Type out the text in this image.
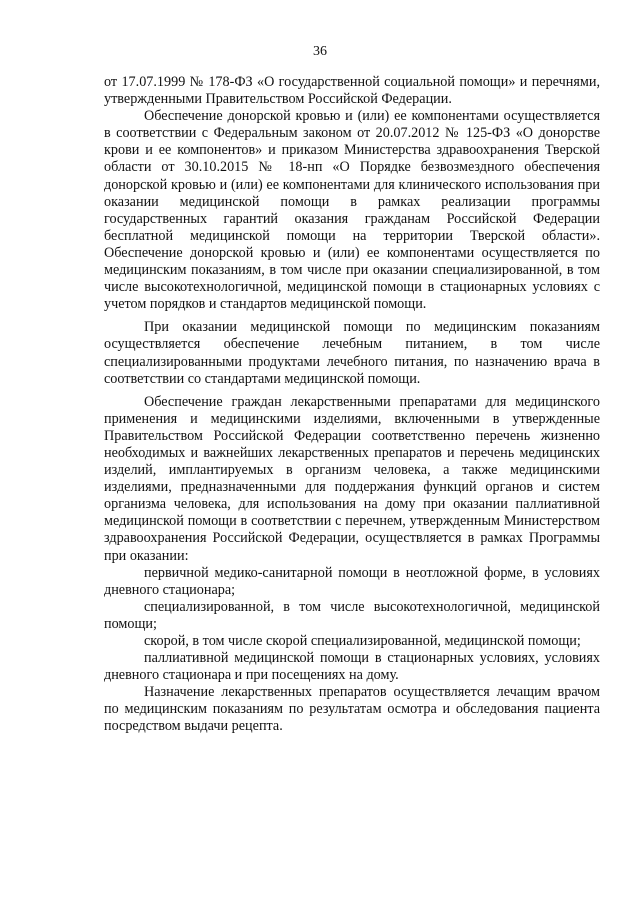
36

от 17.07.1999 № 178-ФЗ «О государственной социальной помощи» и перечнями, утвержденными Правительством Российской Федерации.

Обеспечение донорской кровью и (или) ее компонентами осуществляется в соответствии с Федеральным законом от 20.07.2012 № 125-ФЗ «О донорстве крови и ее компонентов» и приказом Министерства здравоохранения Тверской области от 30.10.2015 № 18-нп «О Порядке безвозмездного обеспечения донорской кровью и (или) ее компонентами для клинического использования при оказании медицинской помощи в рамках реализации программы государственных гарантий оказания гражданам Российской Федерации бесплатной медицинской помощи на территории Тверской области». Обеспечение донорской кровью и (или) ее компонентами осуществляется по медицинским показаниям, в том числе при оказании специализированной, в том числе высокотехнологичной, медицинской помощи в стационарных условиях с учетом порядков и стандартов медицинской помощи.

При оказании медицинской помощи по медицинским показаниям осуществляется обеспечение лечебным питанием, в том числе специализированными продуктами лечебного питания, по назначению врача в соответствии со стандартами медицинской помощи.

Обеспечение граждан лекарственными препаратами для медицинского применения и медицинскими изделиями, включенными в утвержденные Правительством Российской Федерации соответственно перечень жизненно необходимых и важнейших лекарственных препаратов и перечень медицинских изделий, имплантируемых в организм человека, а также медицинскими изделиями, предназначенными для поддержания функций органов и систем организма человека, для использования на дому при оказании паллиативной медицинской помощи в соответствии с перечнем, утвержденным Министерством здравоохранения Российской Федерации, осуществляется в рамках Программы при оказании:

первичной медико-санитарной помощи в неотложной форме, в условиях дневного стационара;

специализированной, в том числе высокотехнологичной, медицинской помощи;

скорой, в том числе скорой специализированной, медицинской помощи;

паллиативной медицинской помощи в стационарных условиях, условиях дневного стационара и при посещениях на дому.

Назначение лекарственных препаратов осуществляется лечащим врачом по медицинским показаниям по результатам осмотра и обследования пациента посредством выдачи рецепта.
